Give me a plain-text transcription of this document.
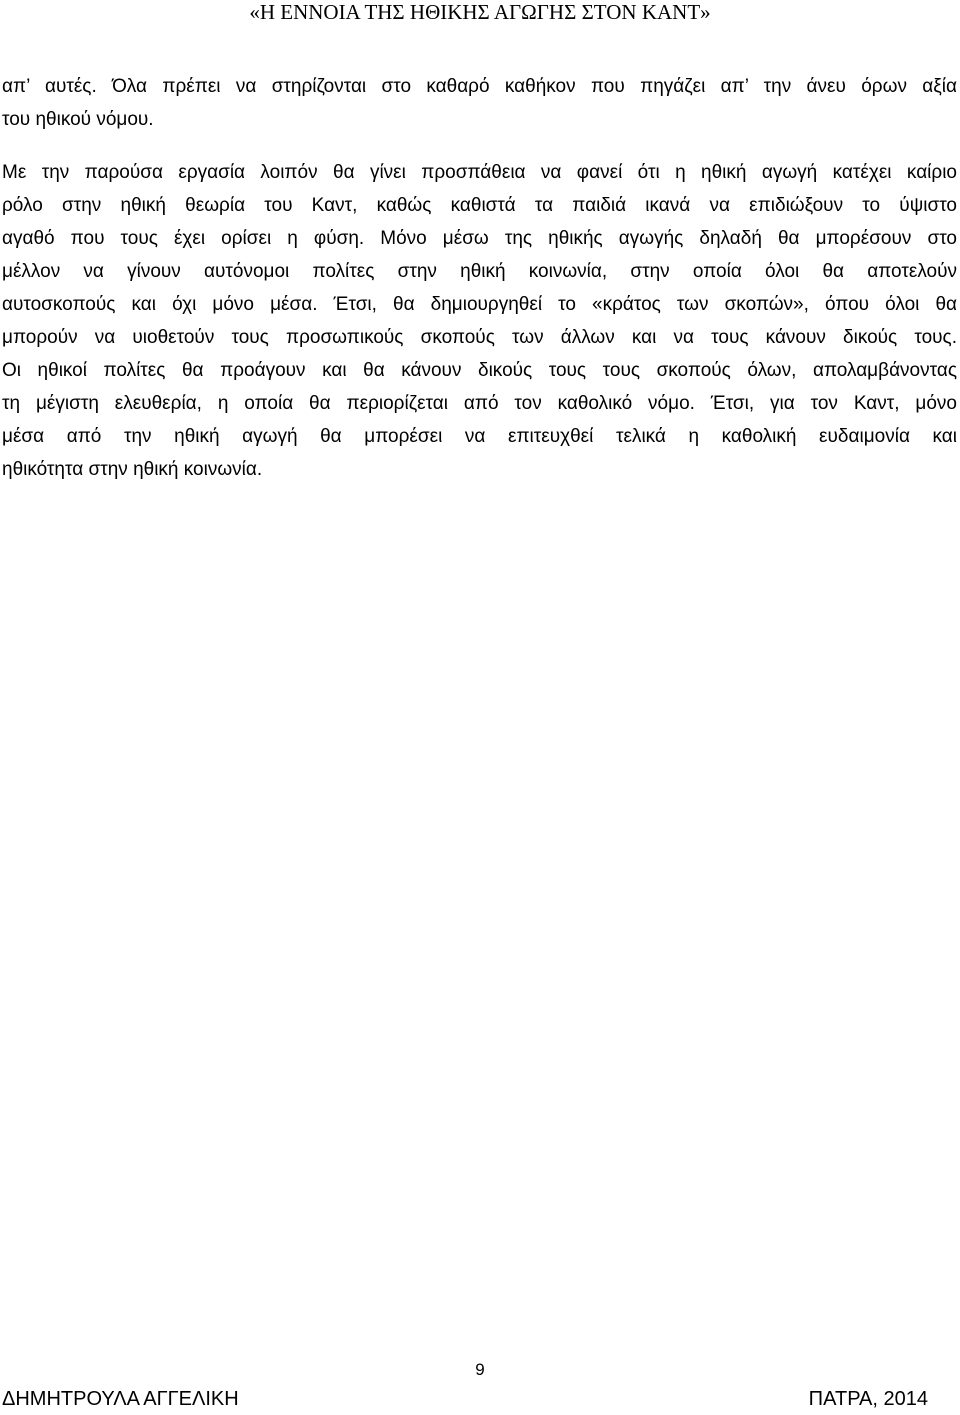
«Η ΕΝΝΟΙΑ ΤΗΣ ΗΘΙΚΗΣ ΑΓΩΓΗΣ ΣΤΟΝ ΚΑΝΤ»
απ’ αυτές. Όλα πρέπει να στηρίζονται στο καθαρό καθήκον που πηγάζει απ’ την άνευ όρων αξία
του ηθικού νόμου.
Με την παρούσα εργασία λοιπόν θα γίνει προσπάθεια να φανεί ότι η ηθική αγωγή κατέχει καίριο
ρόλο στην ηθική θεωρία του Καντ, καθώς καθιστά τα παιδιά ικανά να επιδιώξουν το ύψιστο
αγαθό που τους έχει ορίσει η φύση. Μόνο μέσω της ηθικής αγωγής δηλαδή θα μπορέσουν στο
μέλλον να γίνουν αυτόνομοι πολίτες στην ηθική κοινωνία, στην οποία όλοι θα αποτελούν
αυτοσκοπούς και όχι μόνο μέσα. Έτσι, θα δημιουργηθεί το «κράτος των σκοπών», όπου όλοι θα
μπορούν να υιοθετούν τους προσωπικούς σκοπούς των άλλων και να τους κάνουν δικούς τους.
Οι ηθικοί πολίτες θα προάγουν και θα κάνουν δικούς τους τους σκοπούς όλων, απολαμβάνοντας
τη μέγιστη ελευθερία, η οποία θα περιορίζεται από τον καθολικό νόμο. Έτσι, για τον Καντ, μόνο
μέσα από την ηθική αγωγή θα μπορέσει να επιτευχθεί τελικά η καθολική ευδαιμονία και
ηθικότητα στην ηθική κοινωνία.
9
ΔΗΜΗΤΡΟΥΛΑ ΑΓΓΕΛΙΚΗ	ΠΑΤΡΑ, 2014
